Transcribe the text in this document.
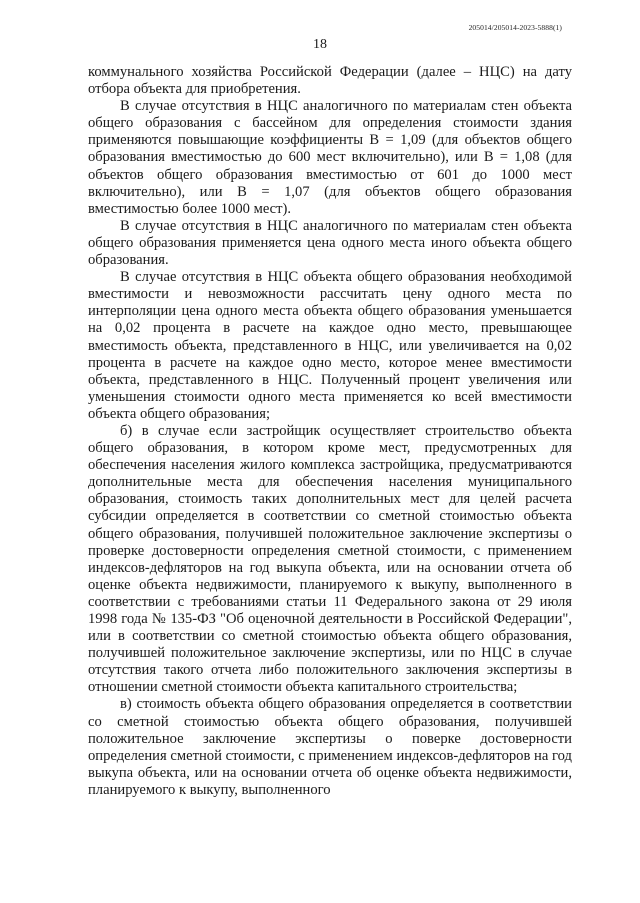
205014/205014-2023-5888(1)
18

коммунального хозяйства Российской Федерации (далее – НЦС) на дату отбора объекта для приобретения.

В случае отсутствия в НЦС аналогичного по материалам стен объекта общего образования с бассейном для определения стоимости здания применяются повышающие коэффициенты В = 1,09 (для объектов общего образования вместимостью до 600 мест включительно), или В = 1,08 (для объектов общего образования вместимостью от 601 до 1000 мест включительно), или В = 1,07 (для объектов общего образования вместимостью более 1000 мест).

В случае отсутствия в НЦС аналогичного по материалам стен объекта общего образования применяется цена одного места иного объекта общего образования.

В случае отсутствия в НЦС объекта общего образования необходимой вместимости и невозможности рассчитать цену одного места по интерполяции цена одного места объекта общего образования уменьшается на 0,02 процента в расчете на каждое одно место, превышающее вместимость объекта, представленного в НЦС, или увеличивается на 0,02 процента в расчете на каждое одно место, которое менее вместимости объекта, представленного в НЦС. Полученный процент увеличения или уменьшения стоимости одного места применяется ко всей вместимости объекта общего образования;

б) в случае если застройщик осуществляет строительство объекта общего образования, в котором кроме мест, предусмотренных для обеспечения населения жилого комплекса застройщика, предусматриваются дополнительные места для обеспечения населения муниципального образования, стоимость таких дополнительных мест для целей расчета субсидии определяется в соответствии со сметной стоимостью объекта общего образования, получившей положительное заключение экспертизы о проверке достоверности определения сметной стоимости, с применением индексов-дефляторов на год выкупа объекта, или на основании отчета об оценке объекта недвижимости, планируемого к выкупу, выполненного в соответствии с требованиями статьи 11 Федерального закона от 29 июля 1998 года № 135-ФЗ "Об оценочной деятельности в Российской Федерации", или в соответствии со сметной стоимостью объекта общего образования, получившей положительное заключение экспертизы, или по НЦС в случае отсутствия такого отчета либо положительного заключения экспертизы в отношении сметной стоимости объекта капитального строительства;

в) стоимость объекта общего образования определяется в соответствии со сметной стоимостью объекта общего образования, получившей положительное заключение экспертизы о поверке достоверности определения сметной стоимости, с применением индексов-дефляторов на год выкупа объекта, или на основании отчета об оценке объекта недвижимости, планируемого к выкупу, выполненного
